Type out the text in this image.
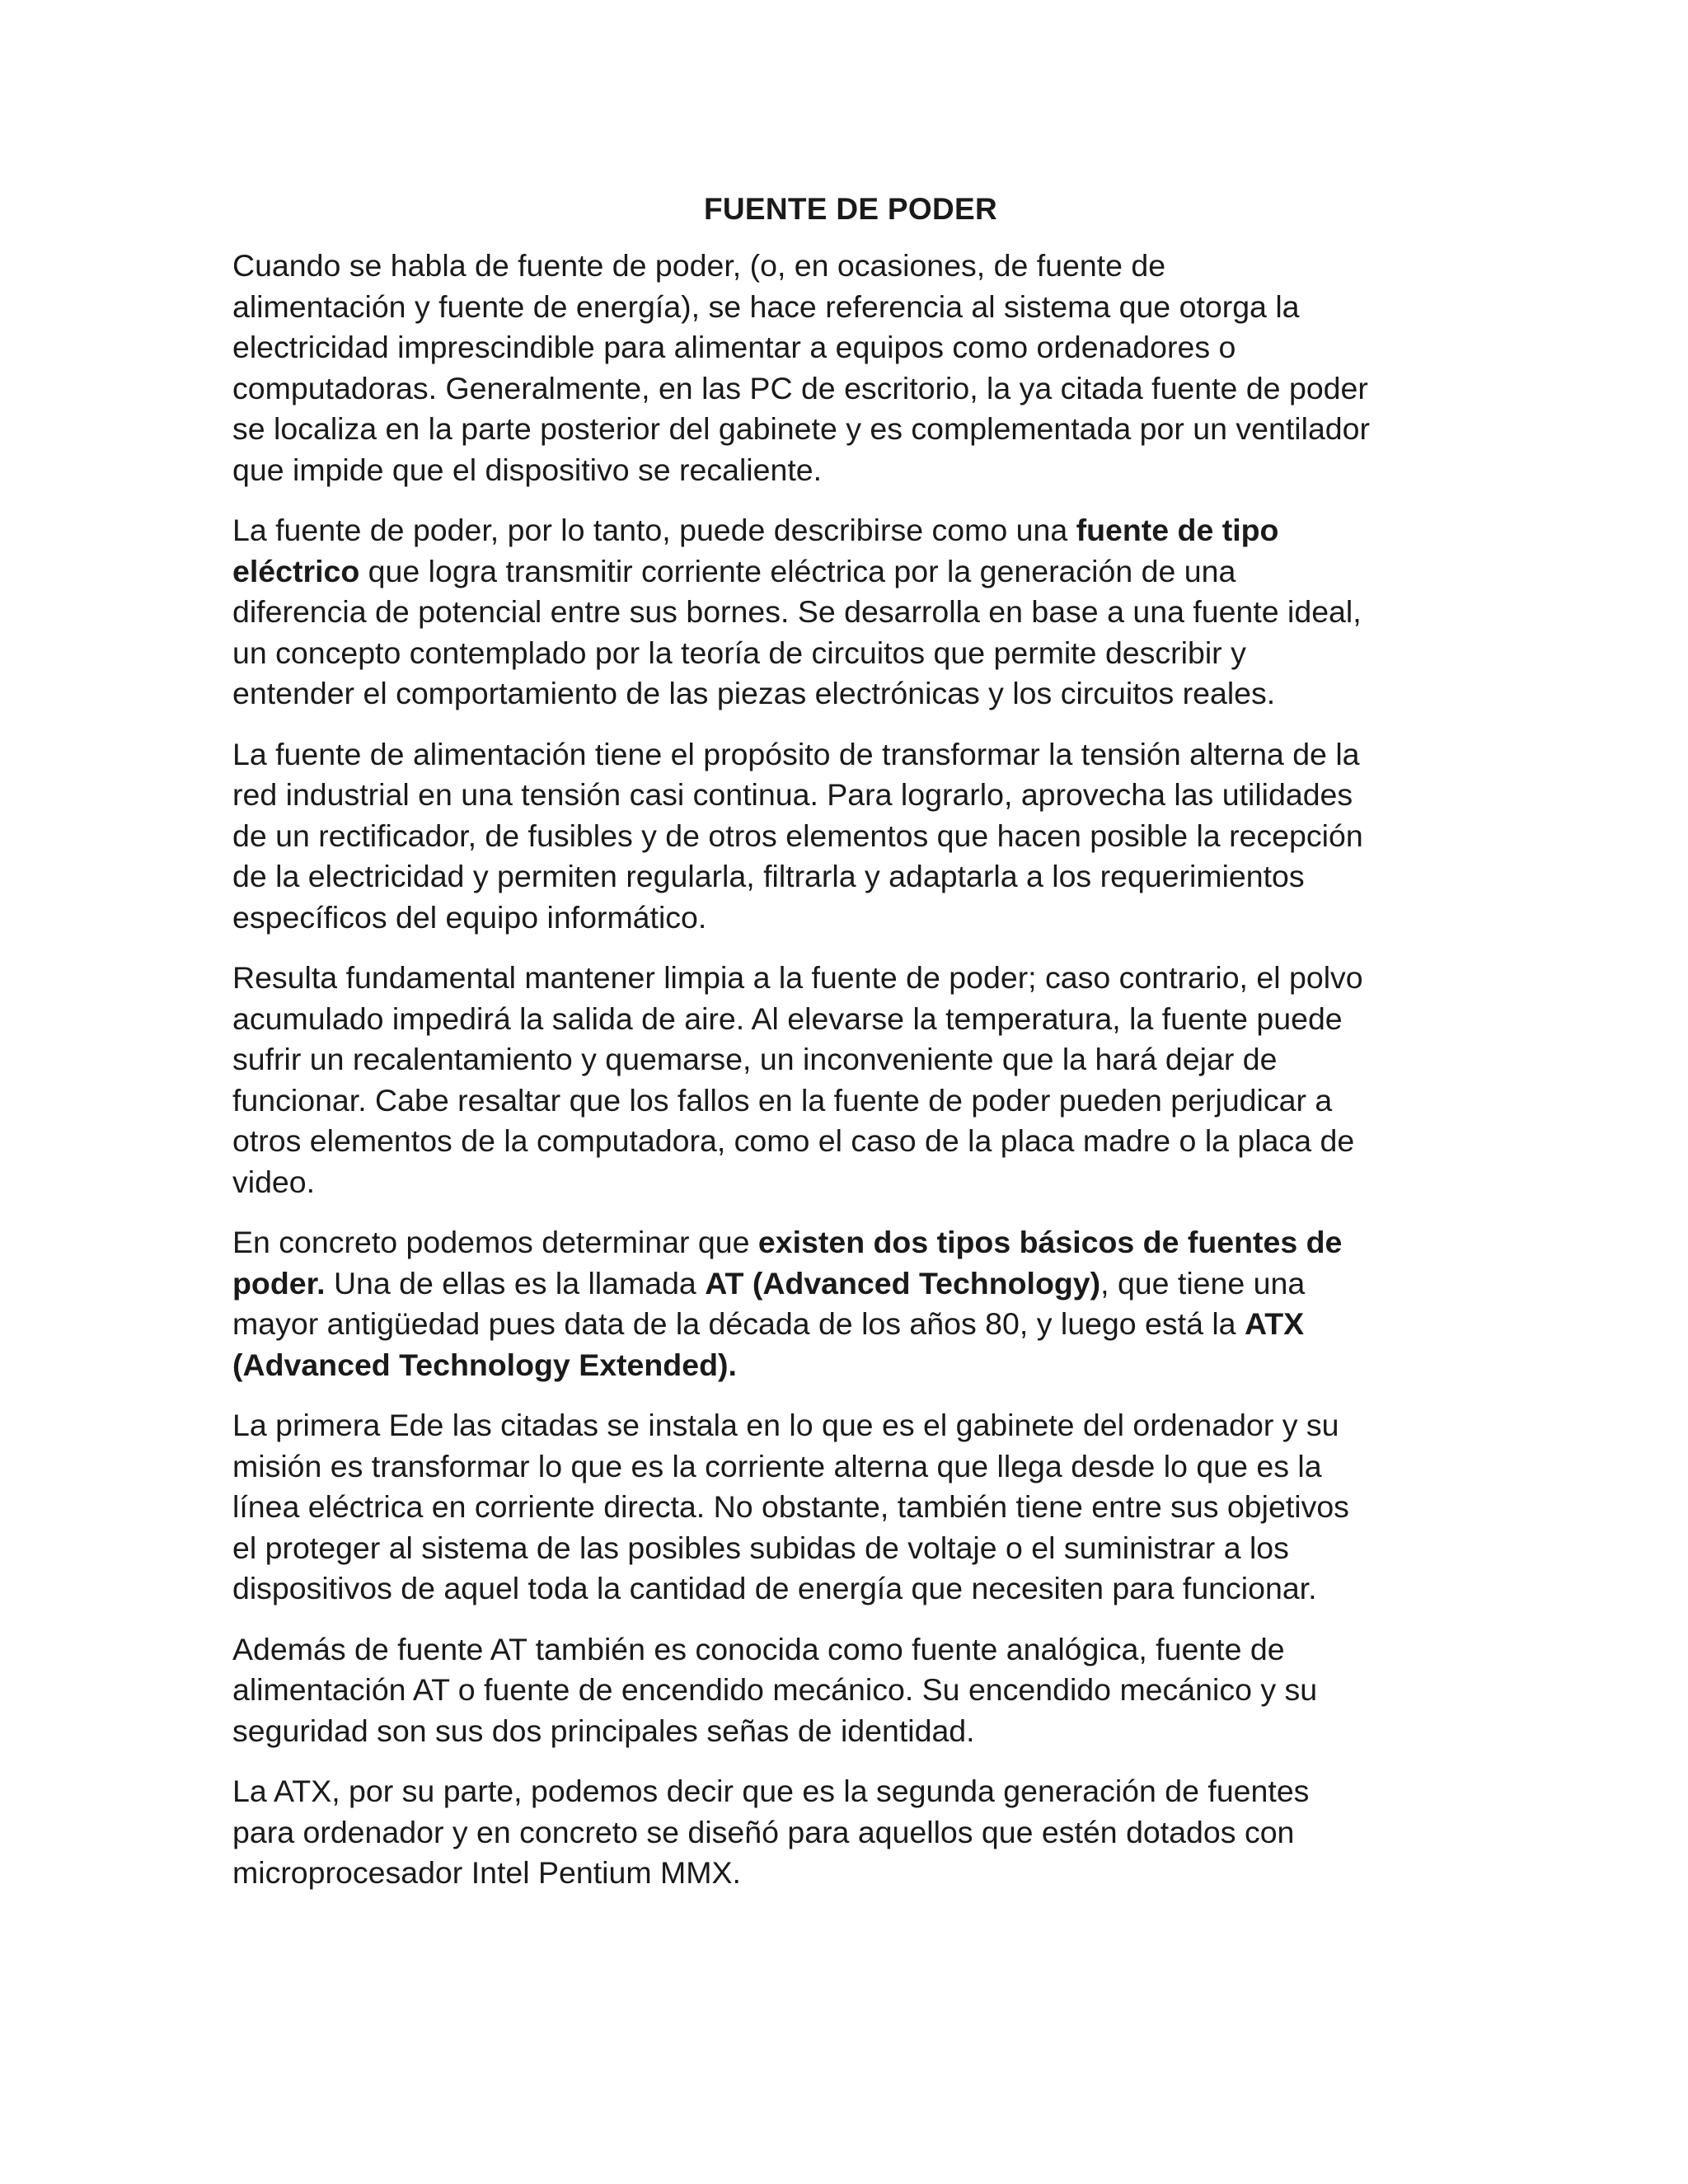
FUENTE DE PODER

Cuando se habla de fuente de poder, (o, en ocasiones, de fuente de
alimentación y fuente de energía), se hace referencia al sistema que otorga la
electricidad imprescindible para alimentar a equipos como ordenadores o
computadoras. Generalmente, en las PC de escritorio, la ya citada fuente de poder
se localiza en la parte posterior del gabinete y es complementada por un ventilador
que impide que el dispositivo se recaliente.

La fuente de poder, por lo tanto, puede describirse como una fuente de tipo
eléctrico que logra transmitir corriente eléctrica por la generación de una
diferencia de potencial entre sus bornes. Se desarrolla en base a una fuente ideal,
un concepto contemplado por la teoría de circuitos que permite describir y
entender el comportamiento de las piezas electrónicas y los circuitos reales.

La fuente de alimentación tiene el propósito de transformar la tensión alterna de la
red industrial en una tensión casi continua. Para lograrlo, aprovecha las utilidades
de un rectificador, de fusibles y de otros elementos que hacen posible la recepción
de la electricidad y permiten regularla, filtrarla y adaptarla a los requerimientos
específicos del equipo informático.

Resulta fundamental mantener limpia a la fuente de poder; caso contrario, el polvo
acumulado impedirá la salida de aire. Al elevarse la temperatura, la fuente puede
sufrir un recalentamiento y quemarse, un inconveniente que la hará dejar de
funcionar. Cabe resaltar que los fallos en la fuente de poder pueden perjudicar a
otros elementos de la computadora, como el caso de la placa madre o la placa de
video.

En concreto podemos determinar que existen dos tipos básicos de fuentes de
poder. Una de ellas es la llamada AT (Advanced Technology), que tiene una
mayor antigüedad pues data de la década de los años 80, y luego está la ATX
(Advanced Technology Extended).

La primera Ede las citadas se instala en lo que es el gabinete del ordenador y su
misión es transformar lo que es la corriente alterna que llega desde lo que es la
línea eléctrica en corriente directa. No obstante, también tiene entre sus objetivos
el proteger al sistema de las posibles subidas de voltaje o el suministrar a los
dispositivos de aquel toda la cantidad de energía que necesiten para funcionar.

Además de fuente AT también es conocida como fuente analógica, fuente de
alimentación AT o fuente de encendido mecánico. Su encendido mecánico y su
seguridad son sus dos principales señas de identidad.

La ATX, por su parte, podemos decir que es la segunda generación de fuentes
para ordenador y en concreto se diseñó para aquellos que estén dotados con
microprocesador Intel Pentium MMX.
